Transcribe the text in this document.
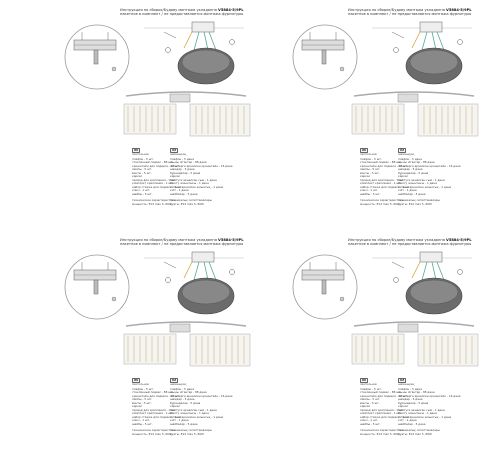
Инструкция по сборке/Будову монтажа укладання V5884-5/9PL
пакетное в комплект / не предоставляется монтажа фурнитуры
RU
светильник
плафон - 5 шт.
стеклянный подвес - 88 шт.
кронштейн для подвеса - 16 шт.
лампы - 5 шт.
винты - 5 шт.
каркас
провод для крепления - 1 шт.
комплект крепления - 1 шт.
набор стяжек для подвеса - 1 шт.
ключ - 1 шт.
шайбы - 5 шт.
технические характеристики
мощность: E14 max 5, 60W
KZ
шамшырақ
плафон - 5 дана
шыны ілгіштер - 88 дана
ілгіштерге арналған кронштейн - 16 дана
шамдар - 5 дана
бұрандалар - 5 дана
каркас
бекітуге арналған сым - 1 дана
бекіту жиынтығы - 1 дана
ілгішке арналған жиынтық - 1 дана
кілт - 1 дана
шайбалар - 5 дана
техникалық сипаттамалары
қуаты: E14 max 5, 60W
Инструкция по сборке/Будову монтажа укладання V5884-5/9PL
пакетное в комплект / не предоставляется монтажа фурнитуры
RU
светильник
плафон - 5 шт.
стеклянный подвес - 88 шт.
кронштейн для подвеса - 16 шт.
лампы - 5 шт.
винты - 5 шт.
каркас
провод для крепления - 1 шт.
комплект крепления - 1 шт.
набор стяжек для подвеса - 1 шт.
ключ - 1 шт.
шайбы - 5 шт.
технические характеристики
мощность: E14 max 5, 60W
KZ
шамшырақ
плафон - 5 дана
шыны ілгіштер - 88 дана
ілгіштерге арналған кронштейн - 16 дана
шамдар - 5 дана
бұрандалар - 5 дана
каркас
бекітуге арналған сым - 1 дана
бекіту жиынтығы - 1 дана
ілгішке арналған жиынтық - 1 дана
кілт - 1 дана
шайбалар - 5 дана
техникалық сипаттамалары
қуаты: E14 max 5, 60W
Инструкция по сборке/Будову монтажа укладання V5884-5/9PL
пакетное в комплект / не предоставляется монтажа фурнитуры
RU
светильник
плафон - 5 шт.
стеклянный подвес - 88 шт.
кронштейн для подвеса - 16 шт.
лампы - 5 шт.
винты - 5 шт.
каркас
провод для крепления - 1 шт.
комплект крепления - 1 шт.
набор стяжек для подвеса - 1 шт.
ключ - 1 шт.
шайбы - 5 шт.
технические характеристики
мощность: E14 max 5, 60W
KZ
шамшырақ
плафон - 5 дана
шыны ілгіштер - 88 дана
ілгіштерге арналған кронштейн - 16 дана
шамдар - 5 дана
бұрандалар - 5 дана
каркас
бекітуге арналған сым - 1 дана
бекіту жиынтығы - 1 дана
ілгішке арналған жиынтық - 1 дана
кілт - 1 дана
шайбалар - 5 дана
техникалық сипаттамалары
қуаты: E14 max 5, 60W
Инструкция по сборке/Будову монтажа укладання V5884-5/9PL
пакетное в комплект / не предоставляется монтажа фурнитуры
RU
светильник
плафон - 5 шт.
стеклянный подвес - 88 шт.
кронштейн для подвеса - 16 шт.
лампы - 5 шт.
винты - 5 шт.
каркас
провод для крепления - 1 шт.
комплект крепления - 1 шт.
набор стяжек для подвеса - 1 шт.
ключ - 1 шт.
шайбы - 5 шт.
технические характеристики
мощность: E14 max 5, 60W
KZ
шамшырақ
плафон - 5 дана
шыны ілгіштер - 88 дана
ілгіштерге арналған кронштейн - 16 дана
шамдар - 5 дана
бұрандалар - 5 дана
каркас
бекітуге арналған сым - 1 дана
бекіту жиынтығы - 1 дана
ілгішке арналған жиынтық - 1 дана
кілт - 1 дана
шайбалар - 5 дана
техникалық сипаттамалары
қуаты: E14 max 5, 60W
